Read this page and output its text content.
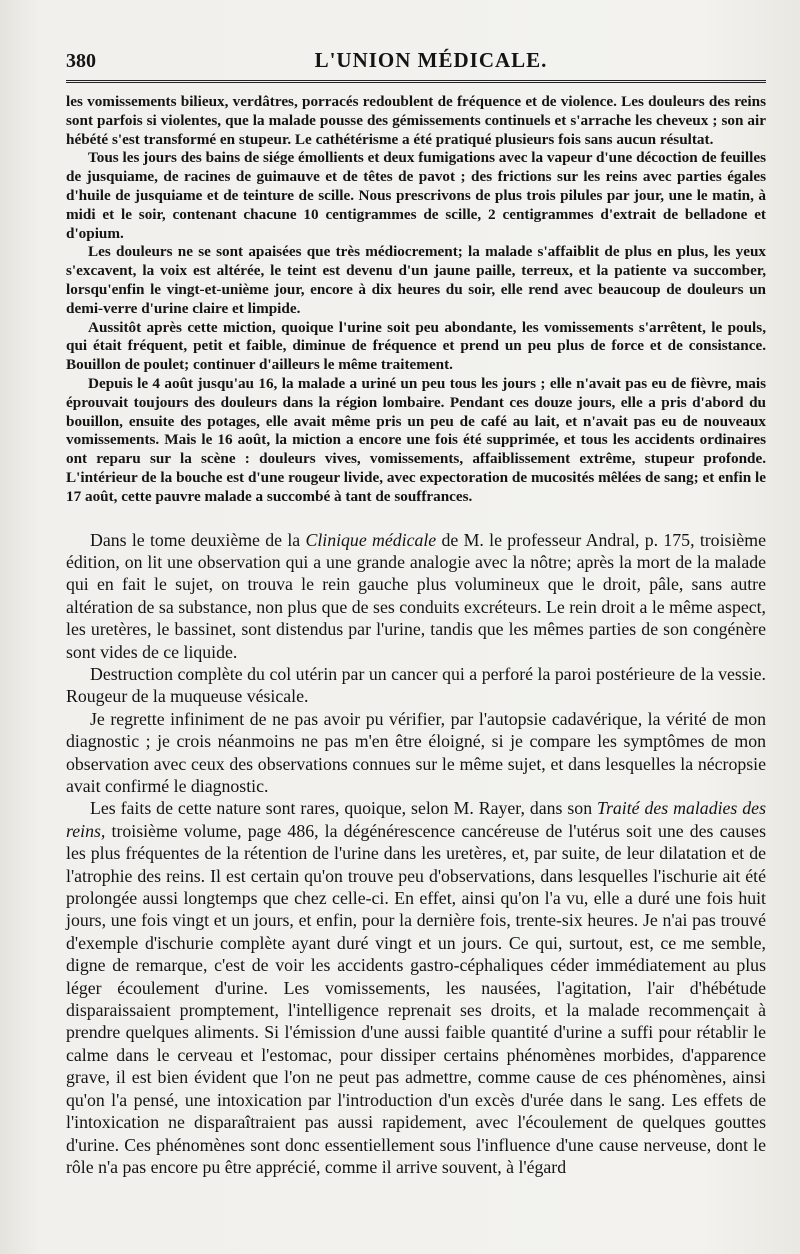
380	L'UNION MÉDICALE.

les vomissements bilieux, verdâtres, porracés redoublent de fréquence et de violence. Les douleurs des reins sont parfois si violentes, que la malade pousse des gémissements continuels et s'arrache les cheveux ; son air hébété s'est transformé en stupeur. Le cathétérisme a été pratiqué plusieurs fois sans aucun résultat.

Tous les jours des bains de siége émollients et deux fumigations avec la vapeur d'une décoction de feuilles de jusquiame, de racines de guimauve et de têtes de pavot ; des frictions sur les reins avec parties égales d'huile de jusquiame et de teinture de scille. Nous prescrivons de plus trois pilules par jour, une le matin, à midi et le soir, contenant chacune 10 centigrammes de scille, 2 centigrammes d'extrait de belladone et d'opium.

Les douleurs ne se sont apaisées que très médiocrement; la malade s'affaiblit de plus en plus, les yeux s'excavent, la voix est altérée, le teint est devenu d'un jaune paille, terreux, et la patiente va succomber, lorsqu'enfin le vingt-et-unième jour, encore à dix heures du soir, elle rend avec beaucoup de douleurs un demi-verre d'urine claire et limpide.

Aussitôt après cette miction, quoique l'urine soit peu abondante, les vomissements s'arrêtent, le pouls, qui était fréquent, petit et faible, diminue de fréquence et prend un peu plus de force et de consistance. Bouillon de poulet; continuer d'ailleurs le même traitement.

Depuis le 4 août jusqu'au 16, la malade a uriné un peu tous les jours ; elle n'avait pas eu de fièvre, mais éprouvait toujours des douleurs dans la région lombaire. Pendant ces douze jours, elle a pris d'abord du bouillon, ensuite des potages, elle avait même pris un peu de café au lait, et n'avait pas eu de nouveaux vomissements. Mais le 16 août, la miction a encore une fois été supprimée, et tous les accidents ordinaires ont reparu sur la scène : douleurs vives, vomissements, affaiblissement extrême, stupeur profonde. L'intérieur de la bouche est d'une rougeur livide, avec expectoration de mucosités mêlées de sang; et enfin le 17 août, cette pauvre malade a succombé à tant de souffrances.

Dans le tome deuxième de la Clinique médicale de M. le professeur Andral, p. 175, troisième édition, on lit une observation qui a une grande analogie avec la nôtre; après la mort de la malade qui en fait le sujet, on trouva le rein gauche plus volumineux que le droit, pâle, sans autre altération de sa substance, non plus que de ses conduits excréteurs. Le rein droit a le même aspect, les uretères, le bassinet, sont distendus par l'urine, tandis que les mêmes parties de son congénère sont vides de ce liquide.

Destruction complète du col utérin par un cancer qui a perforé la paroi postérieure de la vessie. Rougeur de la muqueuse vésicale.

Je regrette infiniment de ne pas avoir pu vérifier, par l'autopsie cadavérique, la vérité de mon diagnostic ; je crois néanmoins ne pas m'en être éloigné, si je compare les symptômes de mon observation avec ceux des observations connues sur le même sujet, et dans lesquelles la nécropsie avait confirmé le diagnostic.

Les faits de cette nature sont rares, quoique, selon M. Rayer, dans son Traité des maladies des reins, troisième volume, page 486, la dégénérescence cancéreuse de l'utérus soit une des causes les plus fréquentes de la rétention de l'urine dans les uretères, et, par suite, de leur dilatation et de l'atrophie des reins. Il est certain qu'on trouve peu d'observations, dans lesquelles l'ischurie ait été prolongée aussi longtemps que chez celle-ci. En effet, ainsi qu'on l'a vu, elle a duré une fois huit jours, une fois vingt et un jours, et enfin, pour la dernière fois, trente-six heures. Je n'ai pas trouvé d'exemple d'ischurie complète ayant duré vingt et un jours. Ce qui, surtout, est, ce me semble, digne de remarque, c'est de voir les accidents gastro-céphaliques céder immédiatement au plus léger écoulement d'urine. Les vomissements, les nausées, l'agitation, l'air d'hébétude disparaissaient promptement, l'intelligence reprenait ses droits, et la malade recommençait à prendre quelques aliments. Si l'émission d'une aussi faible quantité d'urine a suffi pour rétablir le calme dans le cerveau et l'estomac, pour dissiper certains phénomènes morbides, d'apparence grave, il est bien évident que l'on ne peut pas admettre, comme cause de ces phénomènes, ainsi qu'on l'a pensé, une intoxication par l'introduction d'un excès d'urée dans le sang. Les effets de l'intoxication ne disparaîtraient pas aussi rapidement, avec l'écoulement de quelques gouttes d'urine. Ces phénomènes sont donc essentiellement sous l'influence d'une cause nerveuse, dont le rôle n'a pas encore pu être apprécié, comme il arrive souvent, à l'égard
